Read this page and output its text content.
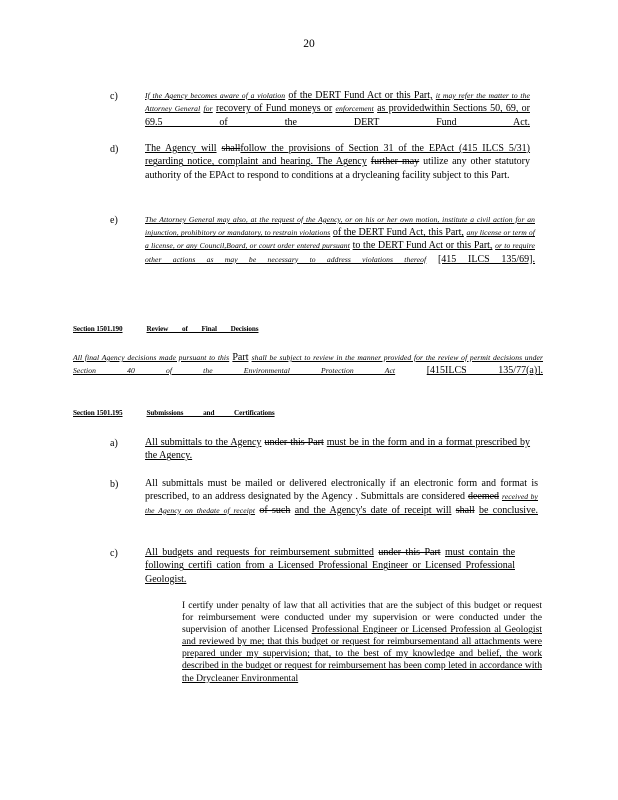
20
c)	If the Agency becomes aware of a violation of the DERT Fund Act or this Part, it may refer the matter to the Attorney General for recovery of Fund moneys or enforcement as providedwithin Sections 50, 69, or 69.5 of the DERT Fund Act.

d)	The Agency will shallfollow the provisions of Section 31 of the EPAct (415 ILCS 5/31) regarding notice, complaint and hearing. The Agency further may utilize any other statutory authority of the EPAct to respond to conditions at a drycleaning facility subject to this Part.

e)	The Attorney General may also, at the request of the Agency, or on his or her own motion, institute a civil action for an injunction, prohibitory or mandatory, to restrain violations of the DERT Fund Act, this Part, any license or term of a license, or any Council,Board, or court order entered pursuant to the DERT Fund Act or this Part, or to require other actions as may be necessary to address violations thereof [415 ILCS 135/69].

Section 1501.190	Review of Final Decisions

All final Agency decisions made pursuant to this Part shall be subject to review in the manner provided for the review of permit decisions under Section 40 of the Environmental Protection Act	[415ILCS 135/77(a)].

Section 1501.195	Submissions and Certifications
a)	All submittals to the Agency under this Part must be in the form and in a format prescribed by the Agency.

b)	All submittals must be mailed or delivered electronically if an electronic form and format is prescribed, to an address designated by the Agency . Submittals are considered deemed received by the Agency on thedate of receipt of such and the Agency's date of receipt will shall be conclusive.

c)	All budgets and requests for reimbursement submitted under this Part must contain the following certifi cation from a Licensed Professional Engineer or Licensed Professional Geologist.

I certify under penalty of law that all activities that are the subject of this budget or request for reimbursement were conducted under my supervision or were conducted under the supervision of another Licensed Professional Engineer or Licensed Profession al Geologist and reviewed by me; that this budget or request for reimbursementand all attachments were prepared under my supervision; that, to the best of my knowledge and belief, the work described in the budget or request for reimbursement has been comp leted in accordance with the Drycleaner Environmental
